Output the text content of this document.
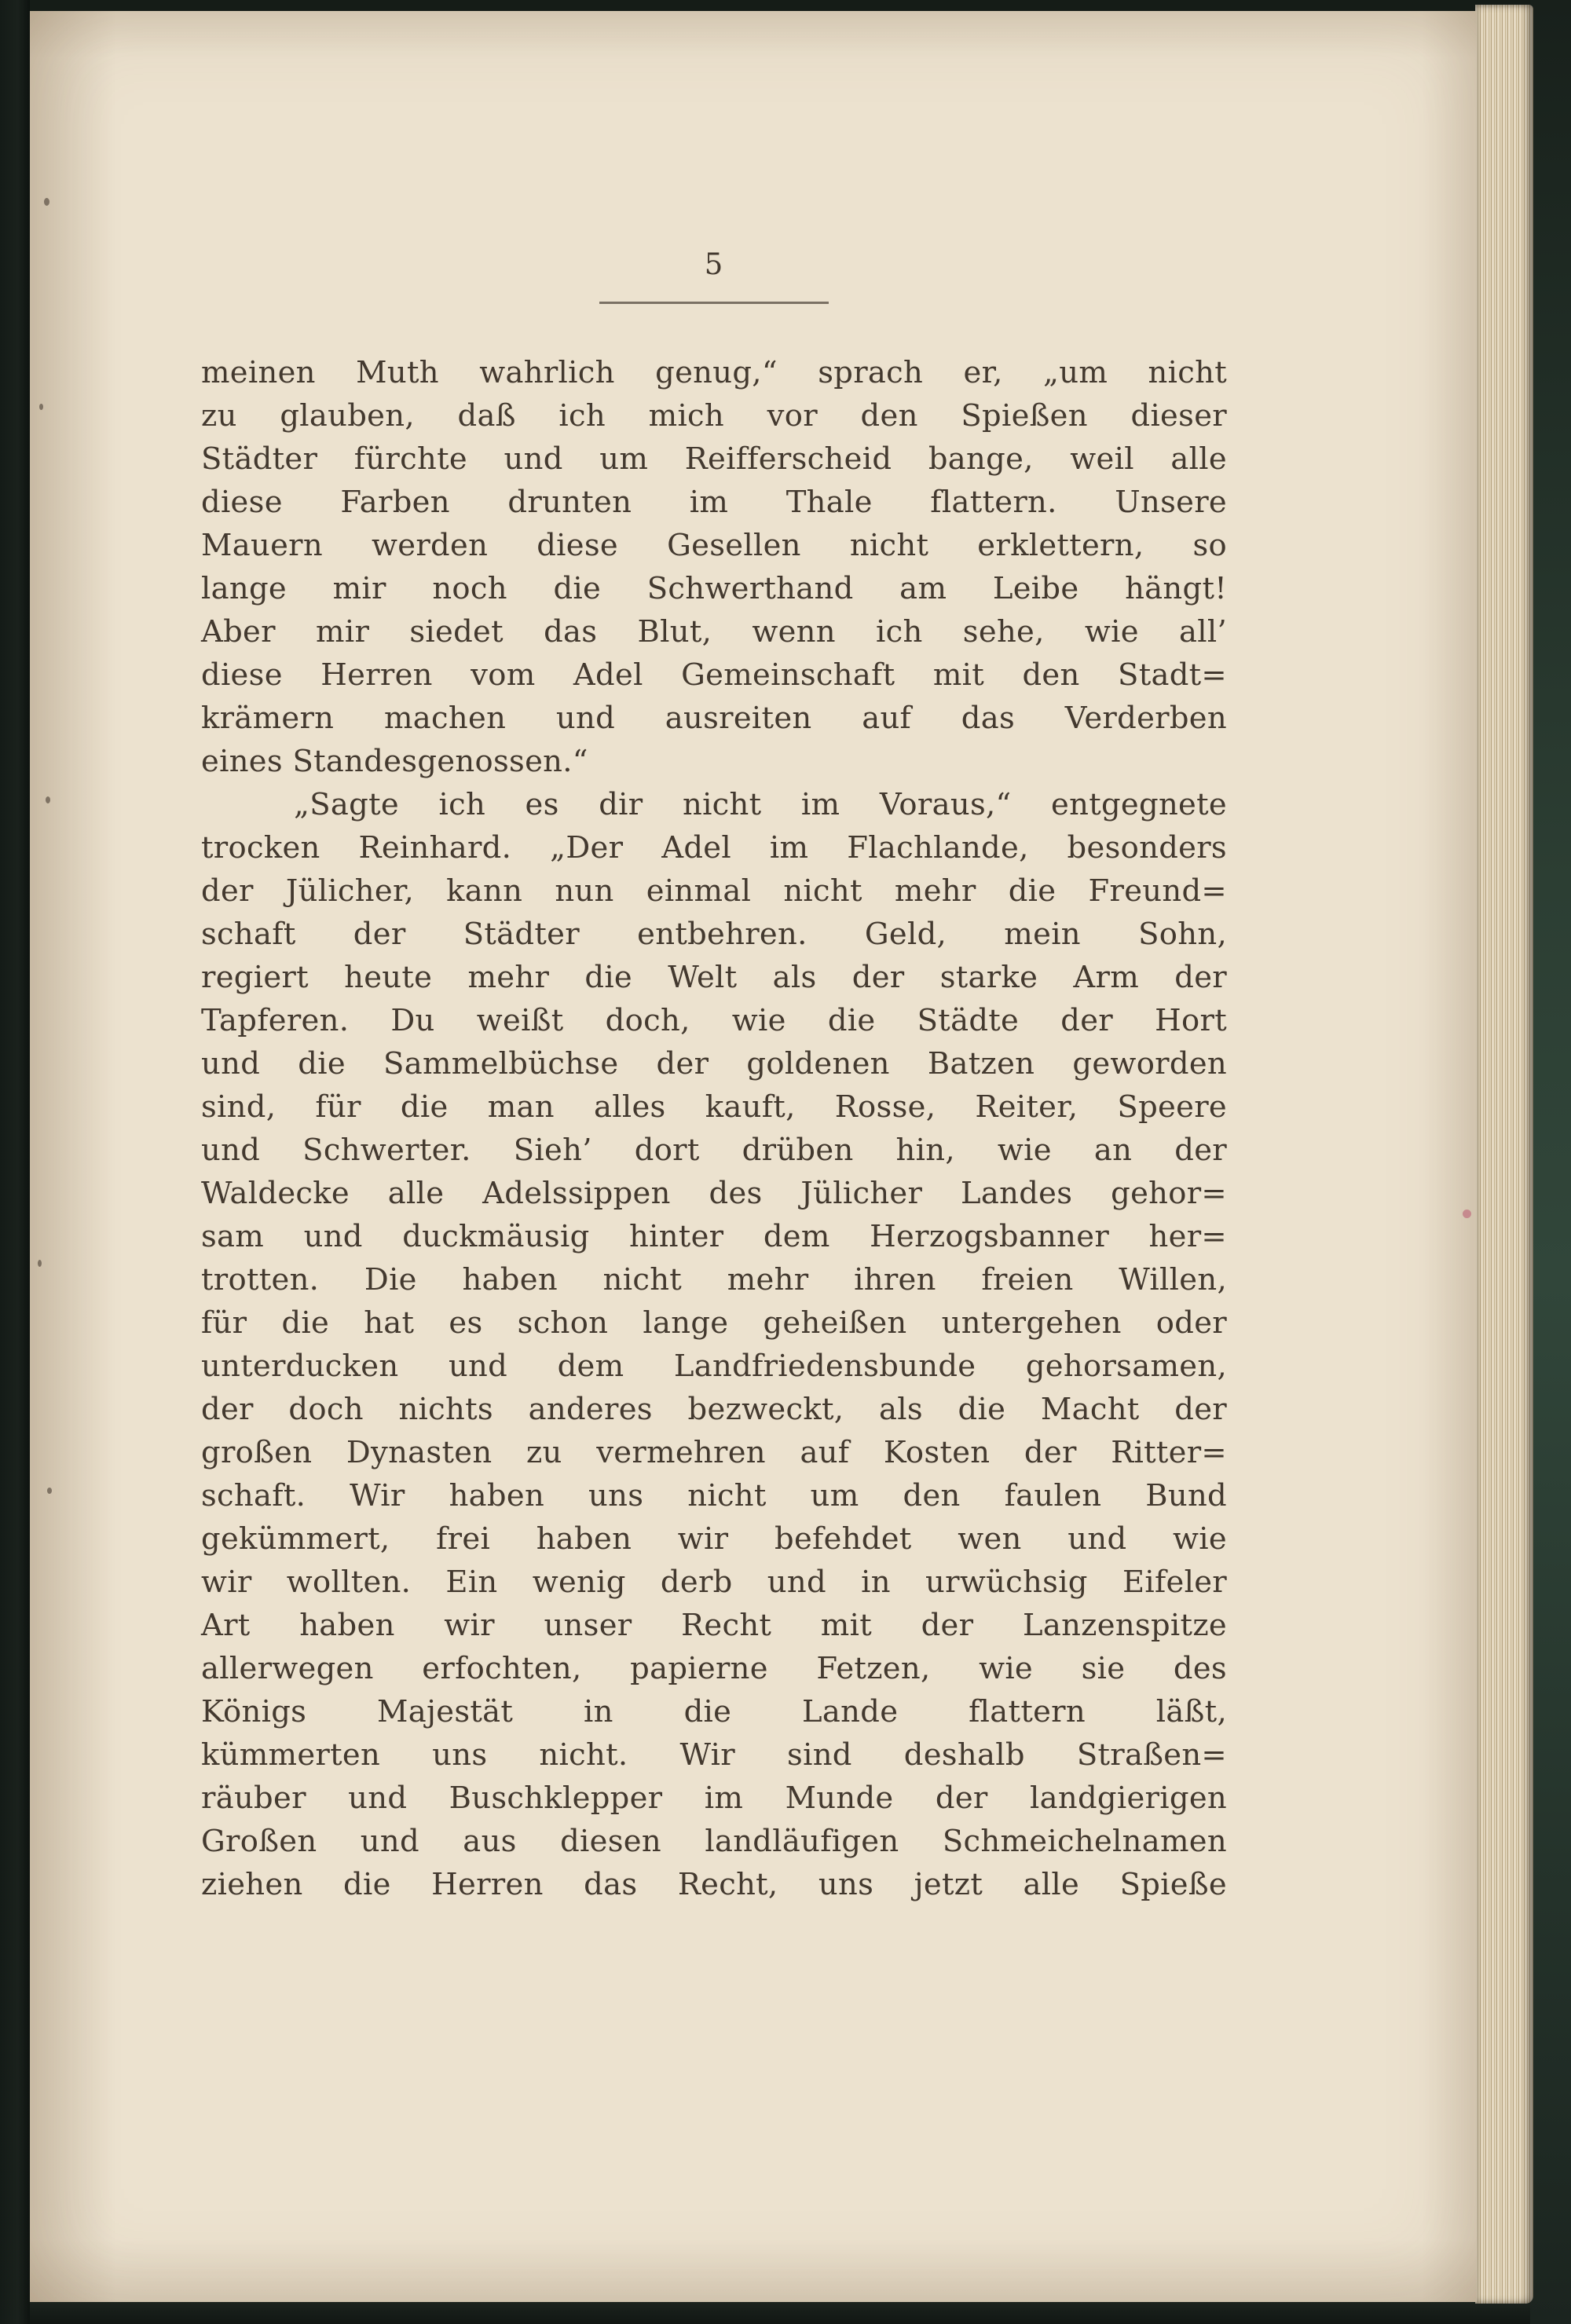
5
meinen Muth wahrlich genug,“ sprach er, „um nicht
zu glauben, daß ich mich vor den Spießen dieser
Städter fürchte und um Reifferscheid bange, weil alle
diese Farben drunten im Thale flattern. Unsere
Mauern werden diese Gesellen nicht erklettern, so
lange mir noch die Schwerthand am Leibe hängt!
Aber mir siedet das Blut, wenn ich sehe, wie all’
diese Herren vom Adel Gemeinschaft mit den Stadt=
krämern machen und ausreiten auf das Verderben
eines Standesgenossen.“
„Sagte ich es dir nicht im Voraus,“ entgegnete
trocken Reinhard. „Der Adel im Flachlande, besonders
der Jülicher, kann nun einmal nicht mehr die Freund=
schaft der Städter entbehren. Geld, mein Sohn,
regiert heute mehr die Welt als der starke Arm der
Tapferen. Du weißt doch, wie die Städte der Hort
und die Sammelbüchse der goldenen Batzen geworden
sind, für die man alles kauft, Rosse, Reiter, Speere
und Schwerter. Sieh’ dort drüben hin, wie an der
Waldecke alle Adelssippen des Jülicher Landes gehor=
sam und duckmäusig hinter dem Herzogsbanner her=
trotten. Die haben nicht mehr ihren freien Willen,
für die hat es schon lange geheißen untergehen oder
unterducken und dem Landfriedensbunde gehorsamen,
der doch nichts anderes bezweckt, als die Macht der
großen Dynasten zu vermehren auf Kosten der Ritter=
schaft. Wir haben uns nicht um den faulen Bund
gekümmert, frei haben wir befehdet wen und wie
wir wollten. Ein wenig derb und in urwüchsig Eifeler
Art haben wir unser Recht mit der Lanzenspitze
allerwegen erfochten, papierne Fetzen, wie sie des
Königs Majestät in die Lande flattern läßt,
kümmerten uns nicht. Wir sind deshalb Straßen=
räuber und Buschklepper im Munde der landgierigen
Großen und aus diesen landläufigen Schmeichelnamen
ziehen die Herren das Recht, uns jetzt alle Spieße
